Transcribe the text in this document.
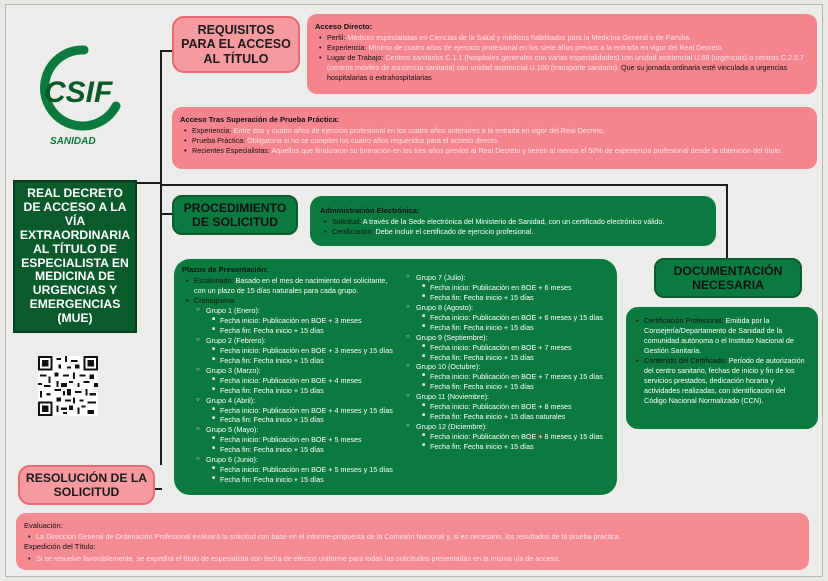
CSIF
SANIDAD
REAL DECRETO DE ACCESO A LA VÍA EXTRAORDINARIA AL TÍTULO DE ESPECIALISTA EN MEDICINA DE URGENCIAS Y EMERGENCIAS (MUE)
REQUISITOS PARA EL ACCESO AL TÍTULO
Acceso Directo:
• Perfil: Médicos especialistas en Ciencias de la Salud y médicos habilitados para la Medicina General o de Familia.
• Experiencia: Mínimo de cuatro años de ejercicio profesional en los siete años previos a la entrada en vigor del Real Decreto.
• Lugar de Trabajo: Centros sanitarios C.1.1 (hospitales generales con varias especialidades) con unidad asistencial U.68 (urgencias) o centros C.2.5.7 (centros móviles de asistencia sanitaria) con unidad asistencial U.100 (transporte sanitario). Que su jornada ordinaria esté vinculada a urgencias hospitalarias o extrahospitalarias
Acceso Tras Superación de Prueba Práctica:
• Experiencia: Entre dos y cuatro años de ejercicio profesional en los cuatro años anteriores a la entrada en vigor del Real Decreto.
• Prueba Práctica: Obligatoria si no se cumplen los cuatro años requeridos para el acceso directo.
• Recientes Especialistas: Aquellos que finalizaron su formación en los tres años previos al Real Decreto y tienen al menos el 50% de experiencia profesional desde la obtención del título.
PROCEDIMIENTO DE SOLICITUD
Administración Electrónica:
• Solicitud: A través de la Sede electrónica del Ministerio de Sanidad, con un certificado electrónico válido.
• Certificación: Debe incluir el certificado de ejercicio profesional.
Plazos de Presentación:
• Escalonado: Basado en el mes de nacimiento del solicitante, con un plazo de 15 días naturales para cada grupo.
• Cronograma:
○ Grupo 1 (Enero):
■ Fecha inicio: Publicación en BOE + 3 meses
■ Fecha fin: Fecha inicio + 15 días
○ Grupo 2 (Febrero):
■ Fecha inicio: Publicación en BOE + 3 meses y 15 días
■ Fecha fin: Fecha inicio + 15 días
○ Grupo 3 (Marzo):
■ Fecha inicio: Publicación en BOE + 4 meses
■ Fecha fin: Fecha inicio + 15 días
○ Grupo 4 (Abril):
■ Fecha inicio: Publicación en BOE + 4 meses y 15 días
■ Fecha fin: Fecha inicio + 15 días
○ Grupo 5 (Mayo):
■ Fecha inicio: Publicación en BOE + 5 meses
■ Fecha fin: Fecha inicio + 15 días
○ Grupo 6 (Junio):
■ Fecha inicio: Publicación en BOE + 5 meses y 15 días
■ Fecha fin: Fecha inicio + 15 días
○ Grupo 7 (Julio):
■ Fecha inicio: Publicación en BOE + 6 meses
■ Fecha fin: Fecha inicio + 15 días
○ Grupo 8 (Agosto):
■ Fecha inicio: Publicación en BOE + 6 meses y 15 días
■ Fecha fin: Fecha inicio + 15 días
○ Grupo 9 (Septiembre):
■ Fecha inicio: Publicación en BOE + 7 meses
■ Fecha fin: Fecha inicio + 15 días
○ Grupo 10 (Octubre):
■ Fecha inicio: Publicación en BOE + 7 meses y 15 días
■ Fecha fin: Fecha inicio + 15 días
○ Grupo 11 (Noviembre):
■ Fecha inicio: Publicación en BOE + 8 meses
■ Fecha fin: Fecha inicio + 15 días naturales
○ Grupo 12 (Diciembre):
■ Fecha inicio: Publicación en BOE + 8 meses y 15 días
■ Fecha fin: Fecha inicio + 15 días
DOCUMENTACIÓN NECESARIA
• Certificación Profesional: Emitida por la Consejería/Departamento de Sanidad de la comunidad autónoma o el Instituto Nacional de Gestión Sanitaria.
• Contenido del Certificado: Período de autorización del centro sanitario, fechas de inicio y fin de los servicios prestados, dedicación horaria y actividades realizadas, con identificación del Código Nacional Normalizado (CCN).
RESOLUCIÓN DE LA SOLICITUD
Evaluación:
• La Dirección General de Ordenación Profesional evaluará la solicitud con base en el informe-propuesta de la Comisión Nacional y, si es necesario, los resultados de la prueba práctica.
Expedición del Título:
• Si se resuelve favorablemente, se expedirá el título de especialista con fecha de efectos uniforme para todas las solicitudes presentadas en la misma vía de acceso.
